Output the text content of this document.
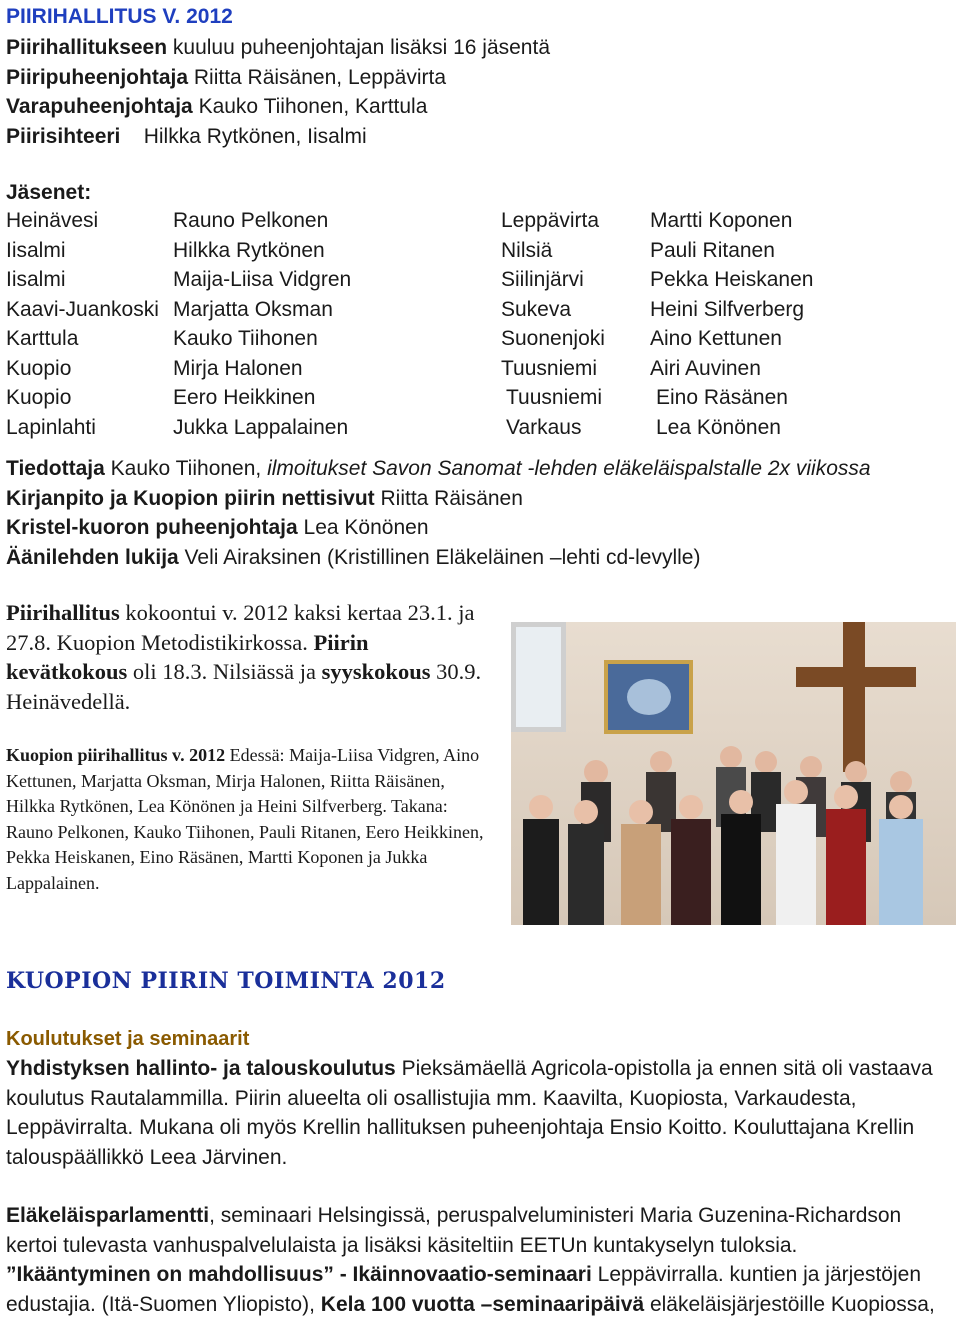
PIIRIHALLITUS V. 2012
Piirihallitukseen kuuluu puheenjohtajan lisäksi 16 jäsentä
Piiripuheenjohtaja Riitta Räisänen, Leppävirta
Varapuheenjohtaja Kauko Tiihonen, Karttula
Piirisihteeri    Hilkka Rytkönen, Iisalmi
Jäsenet:
Heinävesi	Rauno Pelkonen	Leppävirta Martti Koponen
Iisalmi	Hilkka Rytkönen	Nilsiä	Pauli Ritanen
Iisalmi	Maija-Liisa Vidgren	Siilinjärvi	Pekka Heiskanen
Kaavi-Juankoski Marjatta Oksman	Sukeva	Heini Silfverberg
Karttula	Kauko Tiihonen	Suonenjoki Aino Kettunen
Kuopio	Mirja Halonen	Tuusniemi	Airi Auvinen
Kuopio	Eero Heikkinen	Tuusniemi	Eino Räsänen
Lapinlahti	Jukka Lappalainen	Varkaus	Lea Könönen
Tiedottaja Kauko Tiihonen, ilmoitukset Savon Sanomat -lehden eläkeläispalstalle 2x viikossa
Kirjanpito ja Kuopion piirin nettisivut Riitta Räisänen
Kristel-kuoron puheenjohtaja Lea Könönen
Äänilehden lukija Veli Airaksinen (Kristillinen Eläkeläinen –lehti cd-levylle)
Piirihallitus kokoontui v. 2012 kaksi kertaa 23.1. ja 27.8. Kuopion Metodistikirkossa. Piirin kevätkokous oli 18.3. Nilsiässä ja syyskokous 30.9. Heinävedellä.
Kuopion piirihallitus v. 2012 Edessä: Maija-Liisa Vidgren, Aino Kettunen, Marjatta Oksman, Mirja Halonen, Riitta Räisänen, Hilkka Rytkönen, Lea Könönen ja Heini Silfverberg. Takana: Rauno Pelkonen, Kauko Tiihonen, Pauli Ritanen, Eero Heikkinen, Pekka Heiskanen, Eino Räsänen, Martti Koponen ja Jukka Lappalainen.
KUOPION PIIRIN TOIMINTA 2012
Koulutukset ja seminaarit
Yhdistyksen hallinto- ja talouskoulutus Pieksämäellä Agricola-opistolla ja ennen sitä oli vastaava koulutus Rautalammilla. Piirin alueelta oli osallistujia mm. Kaavilta, Kuopiosta, Varkaudesta, Leppävirralta. Mukana oli myös Krellin hallituksen puheenjohtaja Ensio Koitto. Kouluttajana Krellin talouspäällikkö Leea Järvinen.
Eläkeläisparlamentti, seminaari Helsingissä, peruspalveluministeri Maria Guzenina-Richardson kertoi tulevasta vanhuspalvelulaista ja lisäksi käsiteltiin EETUn kuntakyselyn tuloksia.
”Ikääntyminen on mahdollisuus” - Ikäinnovaatio-seminaari Leppävirralla. kuntien ja järjestöjen edustajia. (Itä-Suomen Yliopisto), Kela 100 vuotta –seminaaripäivä eläkeläisjärjestöille Kuopiossa,
